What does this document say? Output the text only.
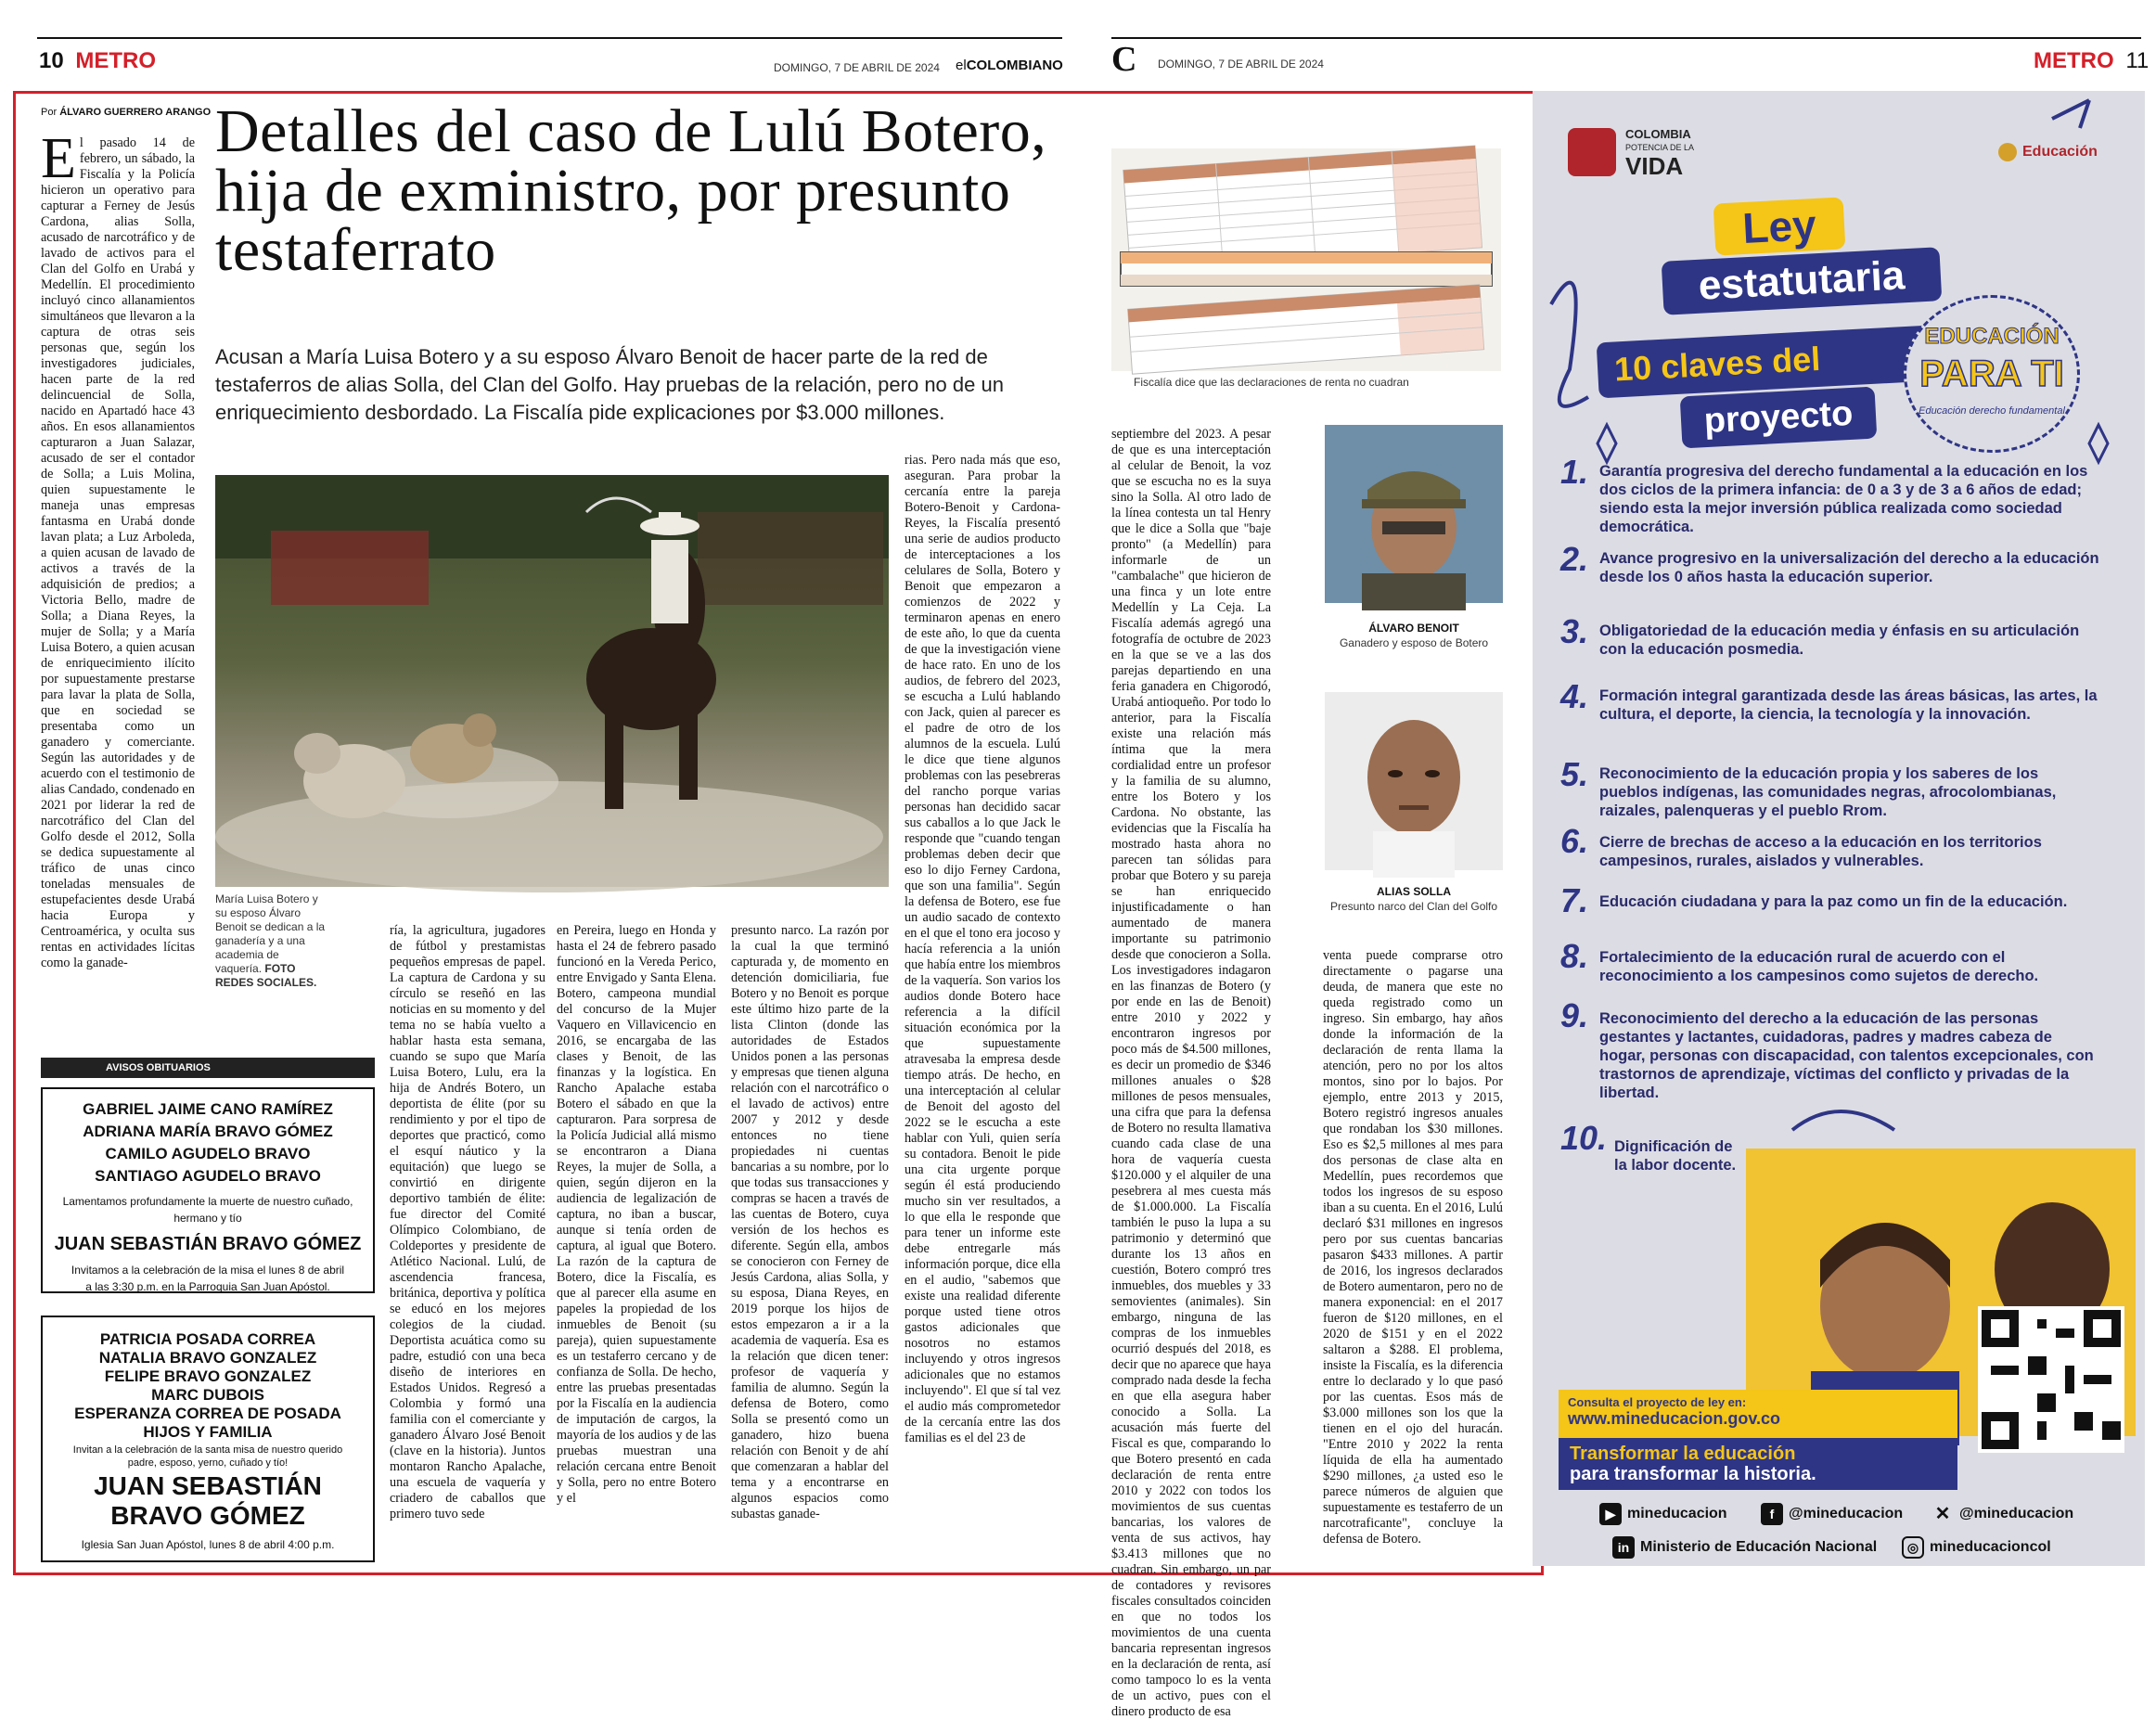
10 METRO	DOMINGO, 7 DE ABRIL DE 2024 elCOLOMBIANO C DOMINGO, 7 DE ABRIL DE 2024	METRO 11
Por ÁLVARO GUERRERO ARANGO Detalles del caso de Lulú Botero, hija de exministro, por presunto testaferrato
Acusan a María Luisa Botero y a su esposo Álvaro Benoit de hacer parte de la red de testaferros de alias Solla, del Clan del Golfo. Hay pruebas de la relación, pero no de un enriquecimiento desbordado. La Fiscalía pide explicaciones por $3.000 millones.
El pasado 14 de febrero, un sábado, la Fiscalía y la Policía hicieron un operativo para capturar a Ferney de Jesús Cardona, alias Solla, acusado de narcotráfico y de lavado de activos para el Clan del Golfo en Urabá y Medellín. El procedimiento incluyó cinco allanamientos simultáneos que llevaron a la captura de otras seis personas que, según los investigadores judiciales, hacen parte de la red delincuencial de Solla, nacido en Apartadó hace 43 años. En esos allanamientos capturaron a Juan Salazar, acusado de ser el contador de Solla; a Luis Molina, quien supuestamente le maneja unas empresas fantasma en Urabá donde lavan plata; a Luz Arboleda, a quien acusan de lavado de activos a través de la adquisición de predios; a Victoria Bello, madre de Solla; a Diana Reyes, la mujer de Solla; y a María Luisa Botero, a quien acusan de enriquecimiento ilícito por supuestamente prestarse para lavar la plata de Solla, que en sociedad se presentaba como un ganadero y comerciante. Según las autoridades y de acuerdo con el testimonio de alias Candado, condenado en 2021 por liderar la red de narcotráfico del Clan del Golfo desde el 2012, Solla se dedica supuestamente al tráfico de unas cinco toneladas mensuales de estupefacientes desde Urabá hacia Europa y Centroamérica, y oculta sus rentas en actividades lícitas como la ganade-
María Luisa Botero y su esposo Álvaro Benoit se dedican a la ganadería y a una academia de vaquería. FOTO REDES SOCIALES.
ría, la agricultura, jugadores de fútbol y prestamistas pequeños empresas de papel. La captura de Cardona y su círculo se reseñó en las noticias en su momento y del tema no se había vuelto a hablar hasta esta semana, cuando se supo que María Luisa Botero, Lulu, era la hija de Andrés Botero, un deportista de élite (por su rendimiento y por el tipo de deportes que practicó, como el esquí náutico y la equitación) que luego se convirtió en dirigente deportivo también de élite: fue director del Comité Olímpico Colombiano, de Coldeportes y presidente de Atlético Nacional. Lulú, de ascendencia francesa, británica, deportiva y política se educó en los mejores colegios de la ciudad. Deportista acuática como su padre, estudió con una beca diseño de interiores en Estados Unidos. Regresó a Colombia y formó una familia con el comerciante y ganadero Álvaro José Benoit (clave en la historia). Juntos montaron Rancho Apalache, una escuela de vaquería y criadero de caballos que primero tuvo sede
en Pereira, luego en Honda y hasta el 24 de febrero pasado funcionó en la Vereda Perico, entre Envigado y Santa Elena. Botero, campeona mundial del concurso de la Mujer Vaquero en Villavicencio en 2016, se encargaba de las clases y Benoit, de las finanzas y la logística. En Rancho Apalache estaba Botero el sábado en que la capturaron. Para sorpresa de la Policía Judicial allá mismo se encontraron a Diana Reyes, la mujer de Solla, a quien, según dijeron en la audiencia de legalización de captura, no iban a buscar, aunque si tenía orden de captura, al igual que Botero. La razón de la captura de Botero, dice la Fiscalía, es que al parecer ella asume en papeles la propiedad de los inmuebles de Benoit (su pareja), quien supuestamente es un testaferro cercano y de confianza de Solla. De hecho, entre las pruebas presentadas por la Fiscalía en la audiencia de imputación de cargos, la mayoría de los audios y de las pruebas muestran una relación cercana entre Benoit y Solla, pero no entre Botero y el
presunto narco. La razón por la cual la que terminó capturada y, de momento en detención domiciliaria, fue Botero y no Benoit es porque este último hizo parte de la lista Clinton (donde las autoridades de Estados Unidos ponen a las personas y empresas que tienen alguna relación con el narcotráfico o el lavado de activos) entre 2007 y 2012 y desde entonces no tiene propiedades ni cuentas bancarias a su nombre, por lo que todas sus transacciones y compras se hacen a través de las cuentas de Botero, cuya versión de los hechos es diferente. Según ella, ambos se conocieron con Ferney de Jesús Cardona, alias Solla, y su esposa, Diana Reyes, en 2019 porque los hijos de estos empezaron a ir a la academia de vaquería. Esa es la relación que dicen tener: profesor de vaquería y familia de alumno. Según la defensa de Botero, como Solla se presentó como un ganadero, hizo buena relación con Benoit y de ahí que comenzaran a hablar del tema y a encontrarse en algunos espacios como subastas ganade-
rias. Pero nada más que eso, aseguran. Para probar la cercanía entre la pareja Botero-Benoit y Cardona-Reyes, la Fiscalía presentó una serie de audios producto de interceptaciones a los celulares de Solla, Botero y Benoit que empezaron a comienzos de 2022 y terminaron apenas en enero de este año, lo que da cuenta de que la investigación viene de hace rato. En uno de los audios, de febrero del 2023, se escucha a Lulú hablando con Jack, quien al parecer es el padre de otro de los alumnos de la escuela. Lulú le dice que tiene algunos problemas con las pesebreras del rancho porque varias personas han decidido sacar sus caballos a lo que Jack le responde que "cuando tengan problemas deben decir que eso lo dijo Ferney Cardona, que son una familia". Según la defensa de Botero, ese fue un audio sacado de contexto en el que el tono era jocoso y hacía referencia a la unión que había entre los miembros de la vaquería. Son varios los audios donde Botero hace referencia a la difícil situación económica por la que supuestamente atravesaba la empresa desde tiempo atrás. De hecho, en una interceptación al celular de Benoit del agosto del 2022 se le escucha a este hablar con Yuli, quien sería su contadora. Benoit le pide una cita urgente porque según él está produciendo mucho sin ver resultados, a lo que ella le responde que para tener un informe este debe entregarle más información porque, dice ella en el audio, "sabemos que existe una realidad diferente porque usted tiene otros gastos adicionales que nosotros no estamos incluyendo y otros ingresos adicionales que no estamos incluyendo". El que sí tal vez el audio más comprometedor de la cercanía entre las dos familias es el del 23 de
Fiscalía dice que las declaraciones de renta no cuadran
septiembre del 2023. A pesar de que es una interceptación al celular de Benoit, la voz que se escucha no es la suya sino la Solla. Al otro lado de la línea contesta un tal Henry que le dice a Solla que "baje pronto" (a Medellín) para informarle de un "cambalache" que hicieron de una finca y un lote entre Medellín y La Ceja. La Fiscalía además agregó una fotografía de octubre de 2023 en la que se ve a las dos parejas departiendo en una feria ganadera en Chigorodó, Urabá antioqueño. Por todo lo anterior, para la Fiscalía existe una relación más íntima que la mera cordialidad entre un profesor y la familia de su alumno, entre los Botero y los Cardona. No obstante, las evidencias que la Fiscalía ha mostrado hasta ahora no parecen tan sólidas para probar que Botero y su pareja se han enriquecido injustificadamente o han aumentado de manera importante su patrimonio desde que conocieron a Solla. Los investigadores indagaron en las finanzas de Botero (y por ende en las de Benoit) entre 2010 y 2022 y encontraron ingresos por poco más de $4.500 millones, es decir un promedio de $346 millones anuales o $28 millones de pesos mensuales, una cifra que para la defensa de Botero no resulta llamativa cuando cada clase de una hora de vaquería cuesta $120.000 y el alquiler de una pesebrera al mes cuesta más de $1.000.000. La Fiscalía también le puso la lupa a su patrimonio y determinó que durante los 13 años en cuestión, Botero compró tres inmuebles, dos muebles y 33 semovientes (animales). Sin embargo, ninguna de las compras de los inmuebles ocurrió después del 2018, es decir que no aparece que haya comprado nada desde la fecha en que ella asegura haber conocido a Solla. La acusación más fuerte del Fiscal es que, comparando lo que Botero presentó en cada declaración de renta entre 2010 y 2022 con todos los movimientos de sus cuentas bancarias, los valores de venta de sus activos, hay $3.413 millones que no cuadran. Sin embargo, un par de contadores y revisores fiscales consultados coinciden en que no todos los movimientos de una cuenta bancaria representan ingresos en la declaración de renta, así como tampoco lo es la venta de un activo, pues con el dinero producto de esa
ÁLVARO BENOIT
Ganadero y esposo de Botero
ALIAS SOLLA
Presunto narco del Clan del Golfo
venta puede comprarse otro directamente o pagarse una deuda, de manera que este no queda registrado como un ingreso. Sin embargo, hay años donde la información de la declaración de renta llama la atención, pero no por los altos montos, sino por lo bajos. Por ejemplo, entre 2013 y 2015, Botero registró ingresos anuales que rondaban los $30 millones. Eso es $2,5 millones al mes para dos personas de clase alta en Medellín, pues recordemos que todos los ingresos de su esposo iban a su cuenta. En el 2016, Lulú declaró $31 millones en ingresos pero por sus cuentas bancarias pasaron $433 millones. A partir de 2016, los ingresos declarados de Botero aumentaron, pero no de manera exponencial: en el 2017 fueron de $120 millones, en el 2020 de $151 y en el 2022 saltaron a $288. El problema, insiste la Fiscalía, es la diferencia entre lo declarado y lo que pasó por las cuentas. Esos más de $3.000 millones son los que la tienen en el ojo del huracán. "Entre 2010 y 2022 la renta líquida de ella ha aumentado $290 millones, ¿a usted eso le parece números de alguien que supuestamente es testaferro de un narcotraficante", concluye la defensa de Botero.
AVISOS OBITUARIOS
GABRIEL JAIME CANO RAMÍREZ
ADRIANA MARÍA BRAVO GÓMEZ
CAMILO AGUDELO BRAVO
SANTIAGO AGUDELO BRAVO
Lamentamos profundamente la muerte de nuestro cuñado, hermano y tío
JUAN SEBASTIÁN BRAVO GÓMEZ
Invitamos a la celebración de la misa el lunes 8 de abril a las 3:30 p.m. en la Parroquia San Juan Apóstol.
PATRICIA POSADA CORREA
NATALIA BRAVO GONZALEZ
FELIPE BRAVO GONZALEZ
MARC DUBOIS
ESPERANZA CORREA DE POSADA
HIJOS Y FAMILIA
Invitan a la celebración de la santa misa de nuestro querido padre, esposo, yerno, cuñado y tío!
JUAN SEBASTIÁN
BRAVO GÓMEZ
Iglesia San Juan Apóstol, lunes 8 de abril 4:00 p.m.
COLOMBIA
POTENCIA DE LA
VIDA
Educación
Ley
estatutaria
10 claves del
proyecto
EDUCACIÓN
PARA TI
Educación derecho fundamental
1. Garantía progresiva del derecho fundamental a la educación en los dos ciclos de la primera infancia: de 0 a 3 y de 3 a 6 años de edad; siendo esta la mejor inversión pública realizada como sociedad democrática.
2. Avance progresivo en la universalización del derecho a la educación desde los 0 años hasta la educación superior.
3. Obligatoriedad de la educación media y énfasis en su articulación con la educación posmedia.
4. Formación integral garantizada desde las áreas básicas, las artes, la cultura, el deporte, la ciencia, la tecnología y la innovación.
5. Reconocimiento de la educación propia y los saberes de los pueblos indígenas, las comunidades negras, afrocolombianas, raizales, palenqueras y el pueblo Rrom.
6. Cierre de brechas de acceso a la educación en los territorios campesinos, rurales, aislados y vulnerables.
7. Educación ciudadana y para la paz como un fin de la educación.
8. Fortalecimiento de la educación rural de acuerdo con el reconocimiento a los campesinos como sujetos de derecho.
9. Reconocimiento del derecho a la educación de las personas gestantes y lactantes, cuidadoras, padres y madres cabeza de hogar, personas con discapacidad, con talentos excepcionales, con trastornos de aprendizaje, víctimas del conflicto y privadas de la libertad.
10. Dignificación de la labor docente.
Consulta el proyecto de ley en:
www.mineducacion.gov.co
Transformar la educación
para transformar la historia.
▶ mineducacion	f @mineducacion ✕ @mineducacion
in Ministerio de Educación Nacional	◎ mineducacioncol
